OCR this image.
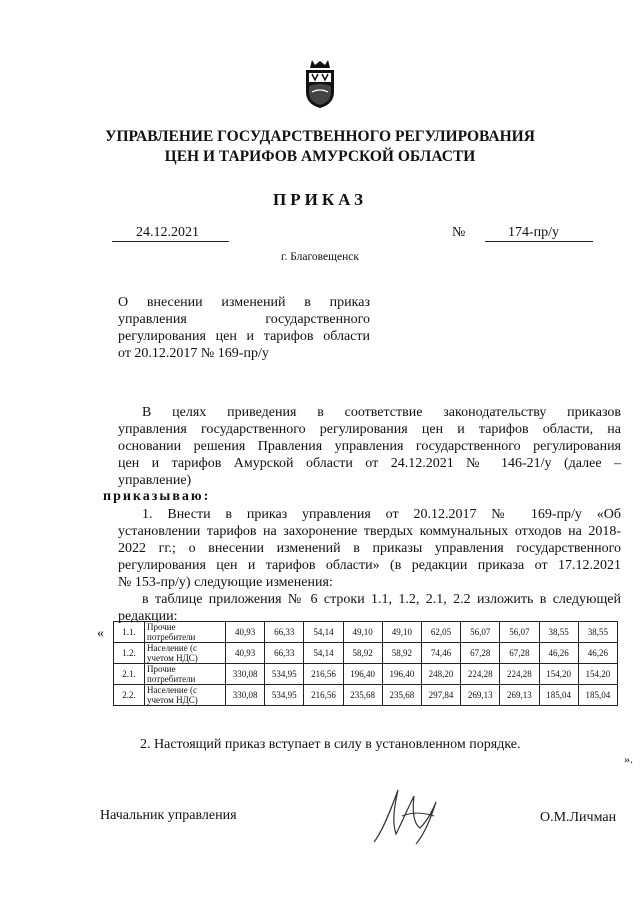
УПРАВЛЕНИЕ ГОСУДАРСТВЕННОГО РЕГУЛИРОВАНИЯ
ЦЕН И ТАРИФОВ АМУРСКОЙ ОБЛАСТИ
ПРИКАЗ
24.12.2021	№	174-пр/у
г. Благовещенск
О внесении изменений в приказ
управления государственного
регулирования цен и тарифов области
от 20.12.2017 № 169-пр/у
В целях приведения в соответствие законодательству приказов
управления государственного регулирования цен и тарифов области, на
основании решения Правления управления государственного регулирования
цен и тарифов Амурской области от 24.12.2021 № 146-21/у (далее –
управление)
приказываю:
1. Внести в приказ управления от 20.12.2017 № 169-пр/у «Об
установлении тарифов на захоронение твердых коммунальных отходов на 2018-
2022 гг.; о внесении изменений в приказы управления государственного
регулирования цен и тарифов области» (в редакции приказа от 17.12.2021
№ 153-пр/у) следующие изменения:
в таблице приложения № 6 строки 1.1, 1.2, 2.1, 2.2 изложить в следующей
редакции:
« 1.1.	Прочие потребители	40,93	66,33	54,14	49,10	49,10	62,05	56,07	56,07	38,55	38,55
1.2.	Население (с учетом НДС)	40,93	66,33	54,14	58,92	58,92	74,46	67,28	67,28	46,26	46,26
2.1.	Прочие потребители	330,08	534,95	216,56	196,40	196,40	248,20	224,28	224,28	154,20	154,20
2.2.	Население (с учетом НДС)	330,08	534,95	216,56	235,68	235,68	297,84	269,13	269,13	185,04	185,04
».
2. Настоящий приказ вступает в силу в установленном порядке.
Начальник управления	О.М.Личман
